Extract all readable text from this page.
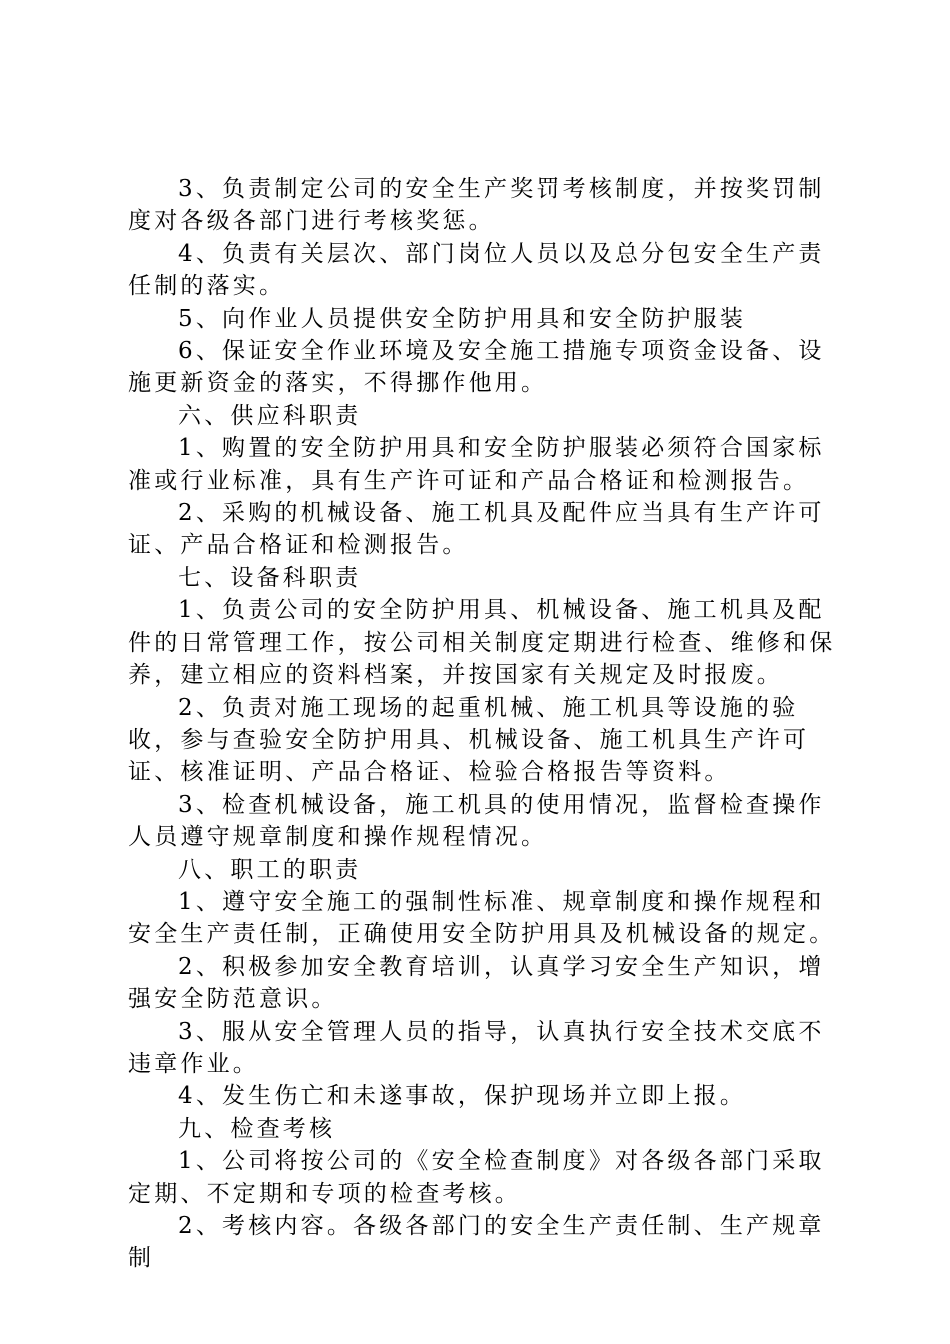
3、负责制定公司的安全生产奖罚考核制度，并按奖罚制度对各级各部门进行考核奖惩。

4、负责有关层次、部门岗位人员以及总分包安全生产责任制的落实。

5、向作业人员提供安全防护用具和安全防护服装

6、保证安全作业环境及安全施工措施专项资金设备、设施更新资金的落实，不得挪作他用。

六、供应科职责

1、购置的安全防护用具和安全防护服装必须符合国家标准或行业标准，具有生产许可证和产品合格证和检测报告。

2、采购的机械设备、施工机具及配件应当具有生产许可证、产品合格证和检测报告。

七、设备科职责

1、负责公司的安全防护用具、机械设备、施工机具及配件的日常管理工作，按公司相关制度定期进行检查、维修和保养，建立相应的资料档案，并按国家有关规定及时报废。

2、负责对施工现场的起重机械、施工机具等设施的验收，参与查验安全防护用具、机械设备、施工机具生产许可证、核准证明、产品合格证、检验合格报告等资料。

3、检查机械设备，施工机具的使用情况，监督检查操作人员遵守规章制度和操作规程情况。

八、职工的职责

1、遵守安全施工的强制性标准、规章制度和操作规程和安全生产责任制，正确使用安全防护用具及机械设备的规定。

2、积极参加安全教育培训，认真学习安全生产知识，增强安全防范意识。

3、服从安全管理人员的指导，认真执行安全技术交底不违章作业。

4、发生伤亡和未遂事故，保护现场并立即上报。

九、检查考核

1、公司将按公司的《安全检查制度》对各级各部门采取定期、不定期和专项的检查考核。

2、考核内容。各级各部门的安全生产责任制、生产规章制
